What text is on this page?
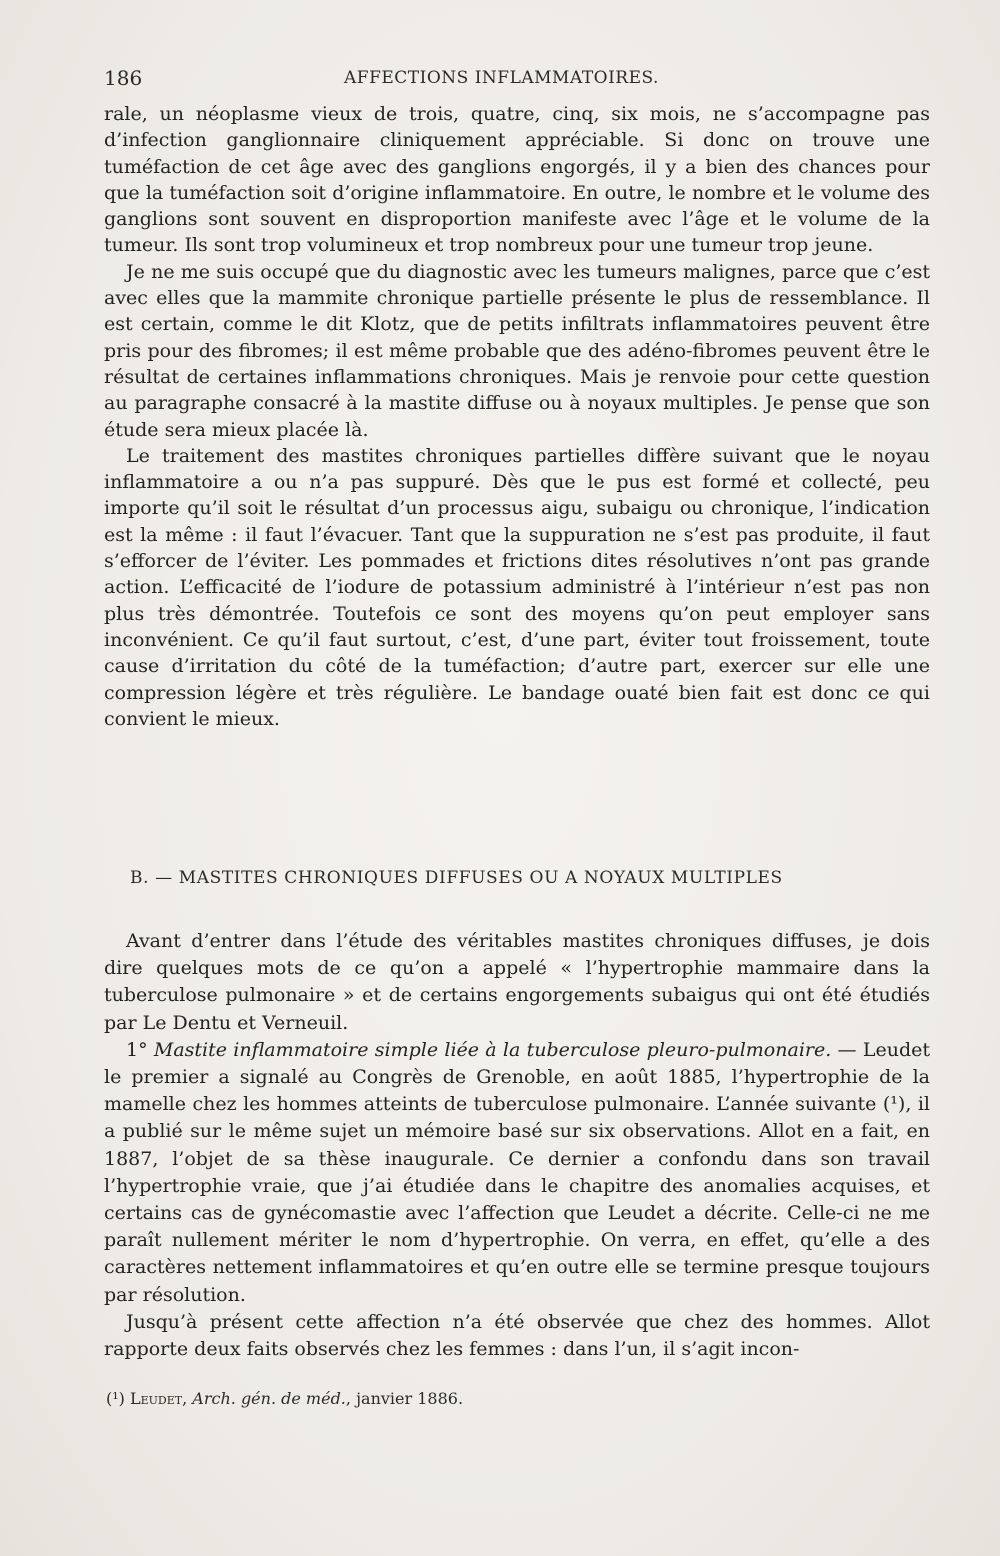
186	AFFECTIONS INFLAMMATOIRES.

rale, un néoplasme vieux de trois, quatre, cinq, six mois, ne s’accompagne pas d’infection ganglionnaire cliniquement appréciable. Si donc on trouve une tuméfaction de cet âge avec des ganglions engorgés, il y a bien des chances pour que la tuméfaction soit d’origine inflammatoire. En outre, le nombre et le volume des ganglions sont souvent en disproportion manifeste avec l’âge et le volume de la tumeur. Ils sont trop volumineux et trop nombreux pour une tumeur trop jeune.

Je ne me suis occupé que du diagnostic avec les tumeurs malignes, parce que c’est avec elles que la mammite chronique partielle présente le plus de ressemblance. Il est certain, comme le dit Klotz, que de petits infiltrats inflammatoires peuvent être pris pour des fibromes; il est même probable que des adéno-fibromes peuvent être le résultat de certaines inflammations chroniques. Mais je renvoie pour cette question au paragraphe consacré à la mastite diffuse ou à noyaux multiples. Je pense que son étude sera mieux placée là.

Le traitement des mastites chroniques partielles diffère suivant que le noyau inflammatoire a ou n’a pas suppuré. Dès que le pus est formé et collecté, peu importe qu’il soit le résultat d’un processus aigu, subaigu ou chronique, l’indication est la même : il faut l’évacuer. Tant que la suppuration ne s’est pas produite, il faut s’efforcer de l’éviter. Les pommades et frictions dites résolutives n’ont pas grande action. L’efficacité de l’iodure de potassium administré à l’intérieur n’est pas non plus très démontrée. Toutefois ce sont des moyens qu’on peut employer sans inconvénient. Ce qu’il faut surtout, c’est, d’une part, éviter tout froissement, toute cause d’irritation du côté de la tuméfaction; d’autre part, exercer sur elle une compression légère et très régulière. Le bandage ouaté bien fait est donc ce qui convient le mieux.

B. — MASTITES CHRONIQUES DIFFUSES OU A NOYAUX MULTIPLES

Avant d’entrer dans l’étude des véritables mastites chroniques diffuses, je dois dire quelques mots de ce qu’on a appelé « l’hypertrophie mammaire dans la tuberculose pulmonaire » et de certains engorgements subaigus qui ont été étudiés par Le Dentu et Verneuil.

1° Mastite inflammatoire simple liée à la tuberculose pleuro-pulmonaire. — Leudet le premier a signalé au Congrès de Grenoble, en août 1885, l’hypertrophie de la mamelle chez les hommes atteints de tuberculose pulmonaire. L’année suivante (¹), il a publié sur le même sujet un mémoire basé sur six observations. Allot en a fait, en 1887, l’objet de sa thèse inaugurale. Ce dernier a confondu dans son travail l’hypertrophie vraie, que j’ai étudiée dans le chapitre des anomalies acquises, et certains cas de gynécomastie avec l’affection que Leudet a décrite. Celle-ci ne me paraît nullement mériter le nom d’hypertrophie. On verra, en effet, qu’elle a des caractères nettement inflammatoires et qu’en outre elle se termine presque toujours par résolution.

Jusqu’à présent cette affection n’a été observée que chez des hommes. Allot rapporte deux faits observés chez les femmes : dans l’un, il s’agit incon-

(¹) Leudet, Arch. gén. de méd., janvier 1886.
